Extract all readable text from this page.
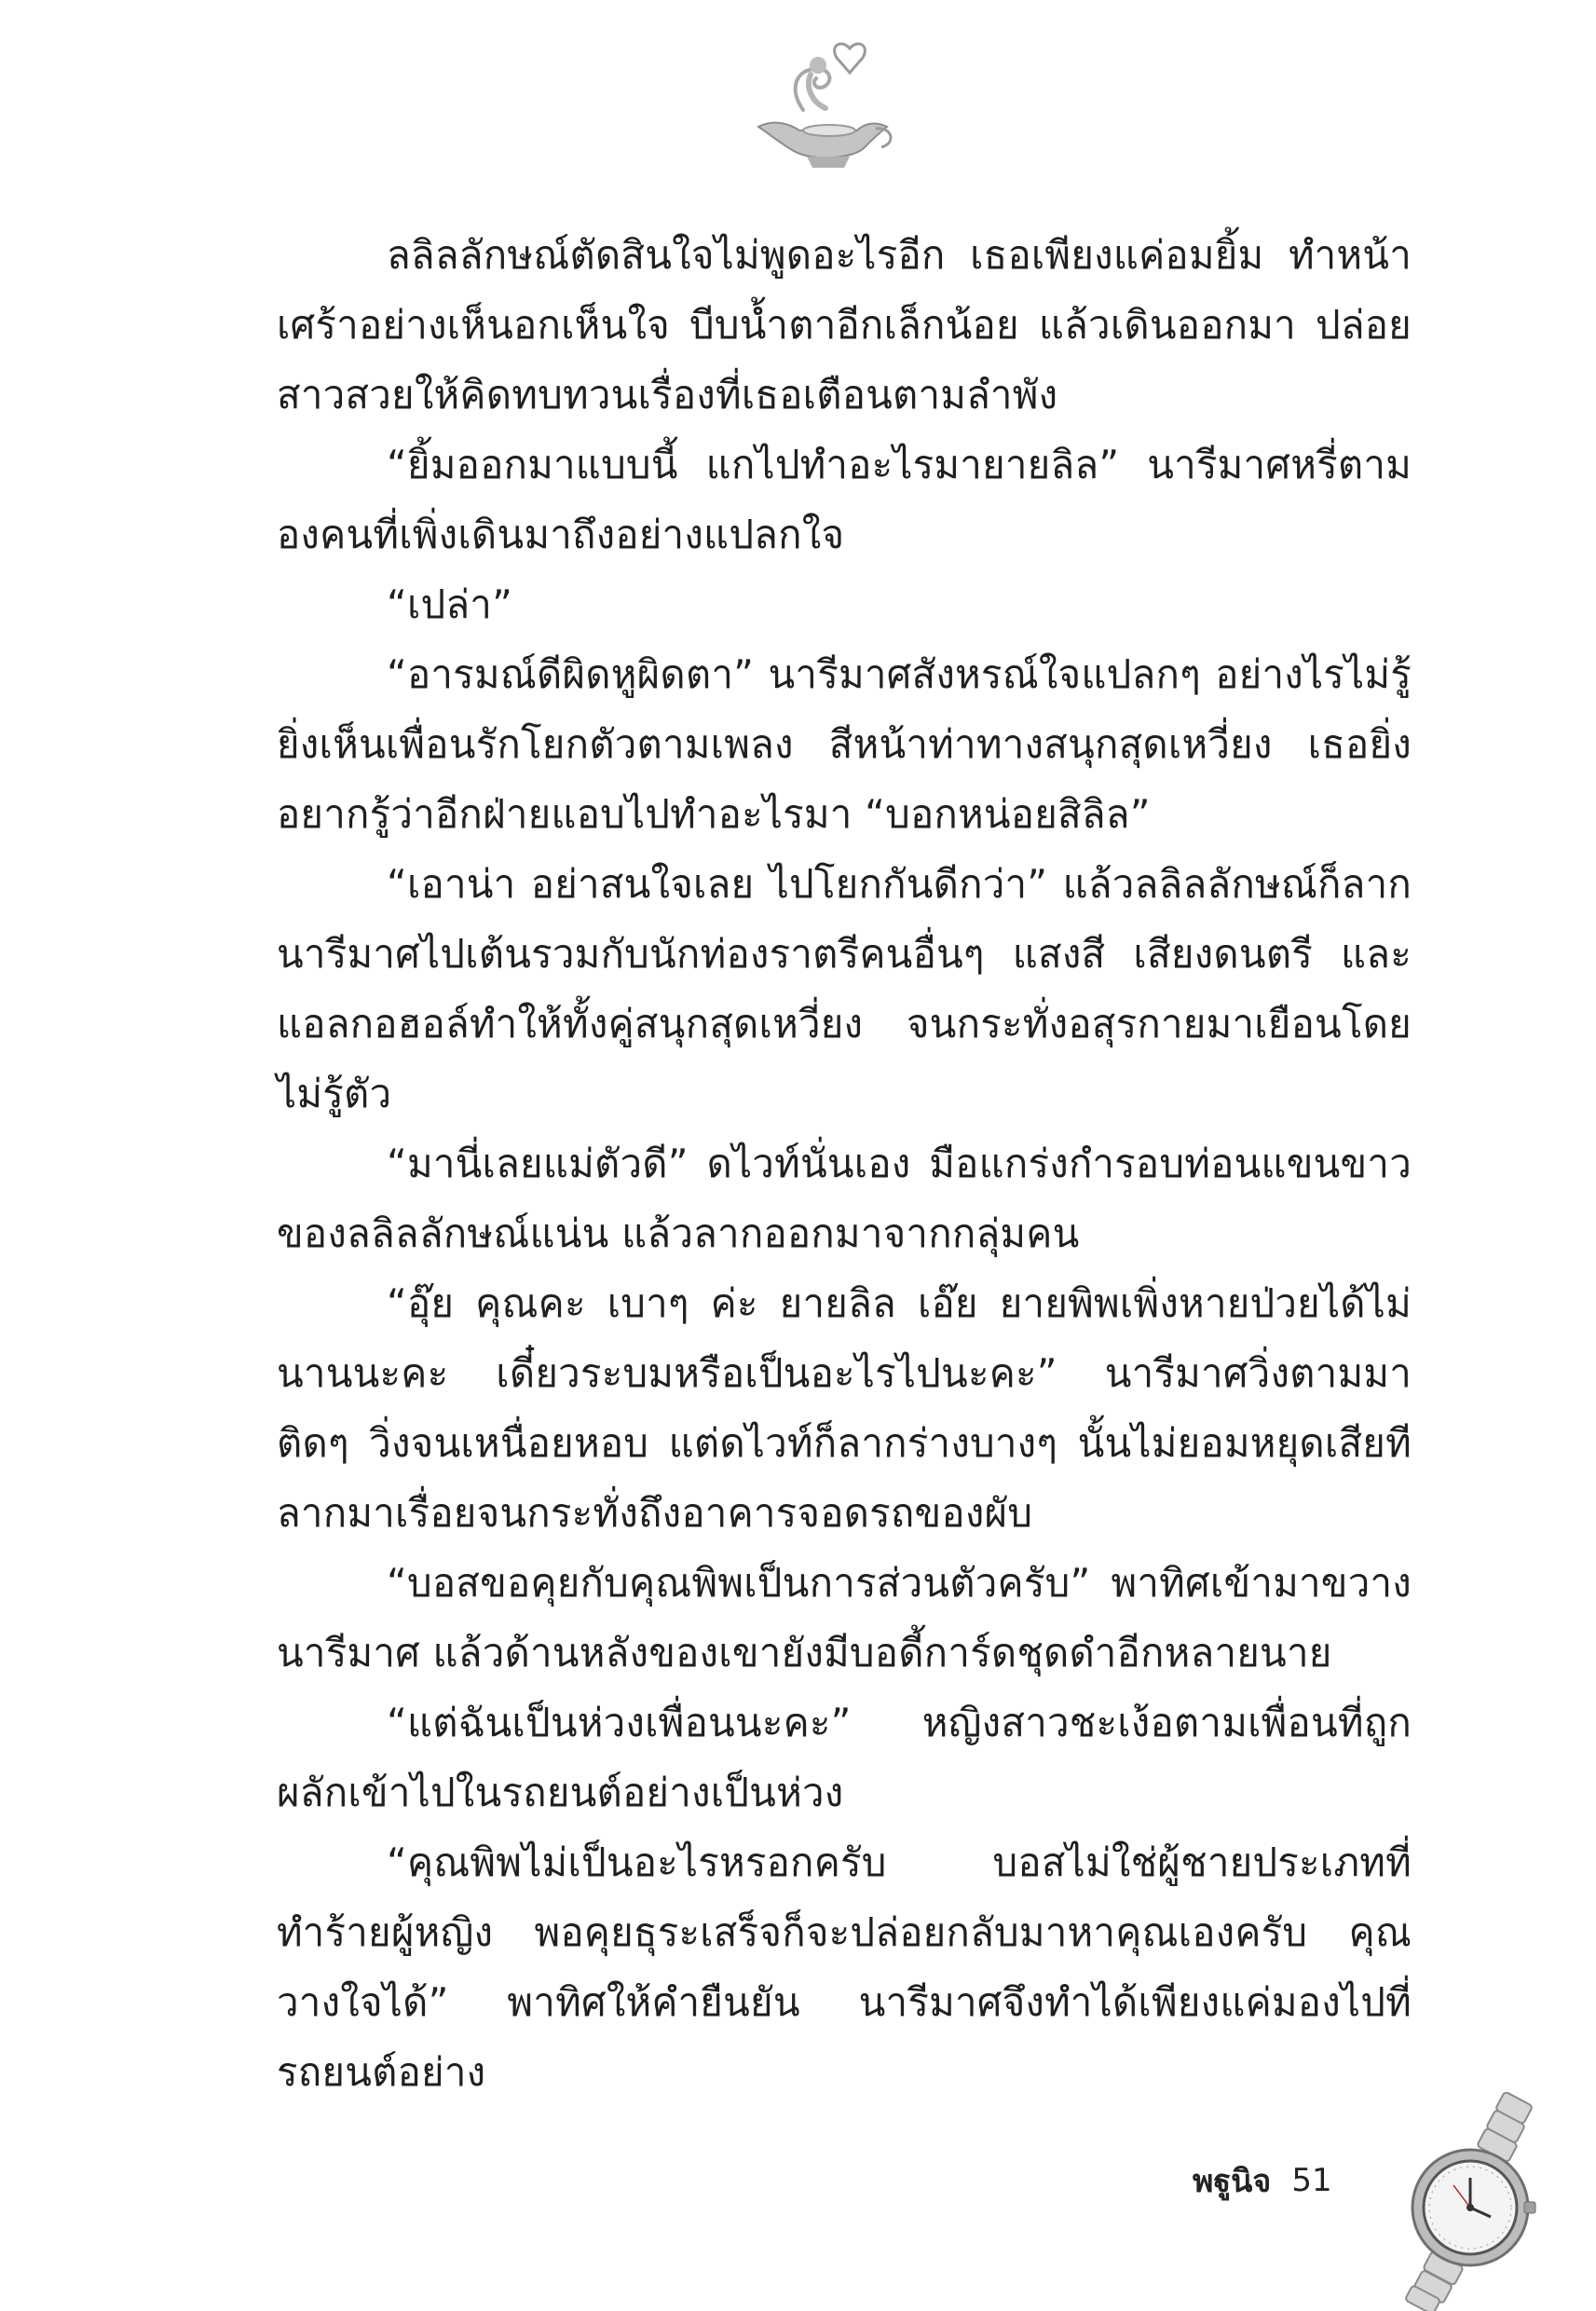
ลลิลลักษณ์ตัดสินใจไม่พูดอะไรอีก เธอเพียงแค่อมยิ้ม ทำหน้าเศร้าอย่างเห็นอกเห็นใจ บีบน้ำตาอีกเล็กน้อย แล้วเดินออกมา ปล่อยสาวสวยให้คิดทบทวนเรื่องที่เธอเตือนตามลำพัง

“ยิ้มออกมาแบบนี้ แกไปทำอะไรมายายลิล” นารีมาศหรี่ตามองคนที่เพิ่งเดินมาถึงอย่างแปลกใจ

“เปล่า”

“อารมณ์ดีผิดหูผิดตา” นารีมาศสังหรณ์ใจแปลกๆ อย่างไรไม่รู้ ยิ่งเห็นเพื่อนรักโยกตัวตามเพลง สีหน้าท่าทางสนุกสุดเหวี่ยง เธอยิ่งอยากรู้ว่าอีกฝ่ายแอบไปทำอะไรมา “บอกหน่อยสิลิล”

“เอาน่า อย่าสนใจเลย ไปโยกกันดีกว่า” แล้วลลิลลักษณ์ก็ลากนารีมาศไปเต้นรวมกับนักท่องราตรีคนอื่นๆ แสงสี เสียงดนตรี และแอลกอฮอล์ทำให้ทั้งคู่สนุกสุดเหวี่ยง จนกระทั่งอสุรกายมาเยือนโดยไม่รู้ตัว

“มานี่เลยแม่ตัวดี” ดไวท์นั่นเอง มือแกร่งกำรอบท่อนแขนขาวของลลิลลักษณ์แน่น แล้วลากออกมาจากกลุ่มคน

“อุ๊ย คุณคะ เบาๆ ค่ะ ยายลิล เอ๊ย ยายพิพเพิ่งหายป่วยได้ไม่นานนะคะ เดี๋ยวระบมหรือเป็นอะไรไปนะคะ” นารีมาศวิ่งตามมาติดๆ วิ่งจนเหนื่อยหอบ แต่ดไวท์ก็ลากร่างบางๆ นั้นไม่ยอมหยุดเสียที ลากมาเรื่อยจนกระทั่งถึงอาคารจอดรถของผับ

“บอสขอคุยกับคุณพิพเป็นการส่วนตัวครับ” พาทิศเข้ามาขวางนารีมาศ แล้วด้านหลังของเขายังมีบอดี้การ์ดชุดดำอีกหลายนาย

“แต่ฉันเป็นห่วงเพื่อนนะคะ” หญิงสาวชะเง้อตามเพื่อนที่ถูกผลักเข้าไปในรถยนต์อย่างเป็นห่วง

“คุณพิพไม่เป็นอะไรหรอกครับ บอสไม่ใช่ผู้ชายประเภทที่ทำร้ายผู้หญิง พอคุยธุระเสร็จก็จะปล่อยกลับมาหาคุณเองครับ คุณวางใจได้” พาทิศให้คำยืนยัน นารีมาศจึงทำได้เพียงแค่มองไปที่รถยนต์อย่าง

พฐูนิจ 51
